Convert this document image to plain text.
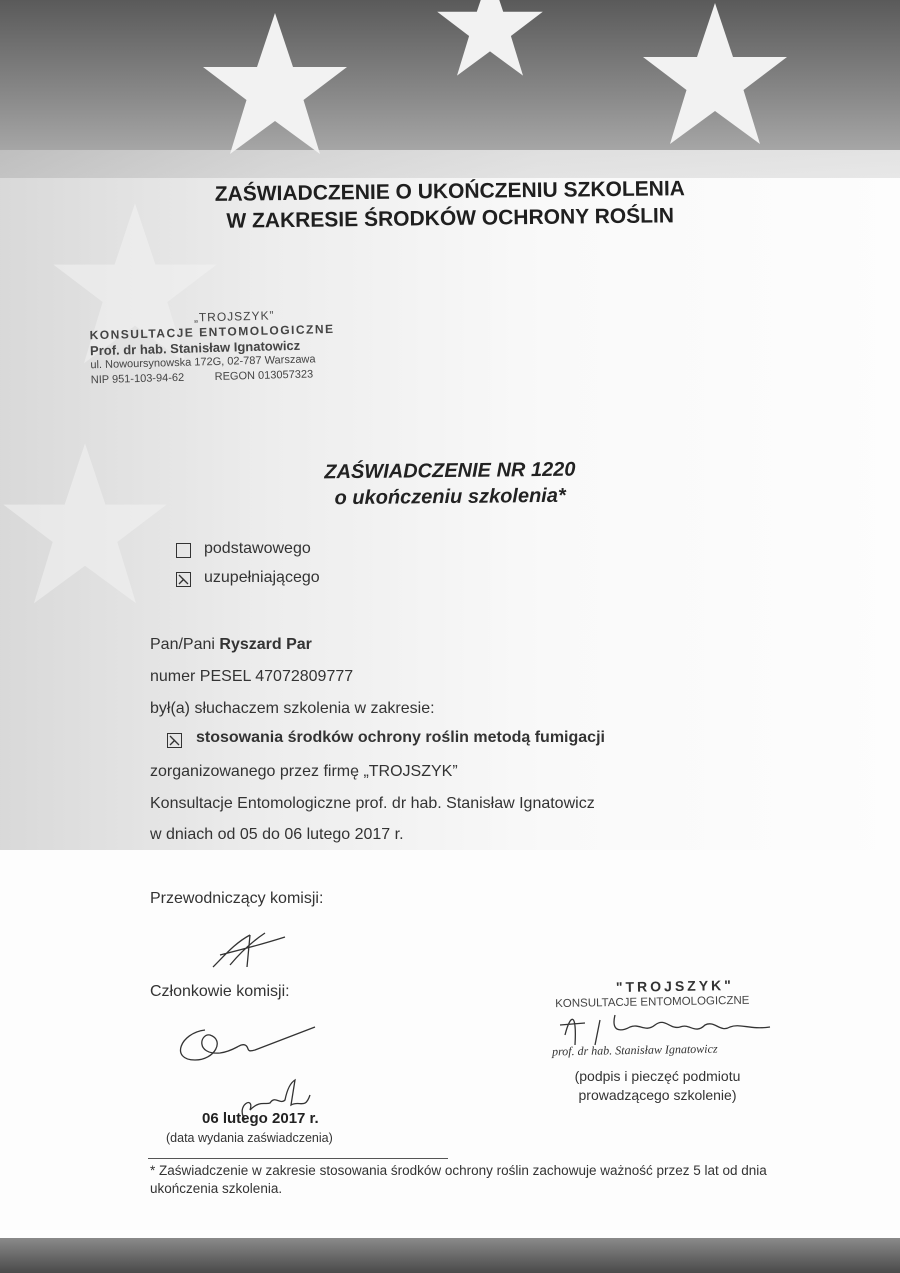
ZAŚWIADCZENIE O UKOŃCZENIU SZKOLENIA
W ZAKRESIE ŚRODKÓW OCHRONY ROŚLIN
„TROJSZYK”
KONSULTACJE ENTOMOLOGICZNE
Prof. dr hab. Stanisław Ignatowicz
ul. Nowoursynowska 172G, 02-787 Warszawa
NIP 951-103-94-62          REGON 013057323
ZAŚWIADCZENIE NR 1220
o ukończeniu szkolenia*
podstawowego
uzupełniającego
Pan/Pani Ryszard Par
numer PESEL 47072809777
był(a) słuchaczem szkolenia w zakresie:
stosowania środków ochrony roślin metodą fumigacji
zorganizowanego przez firmę „TROJSZYK”
Konsultacje Entomologiczne prof. dr hab. Stanisław Ignatowicz
w dniach od 05 do 06 lutego 2017 r.
Przewodniczący komisji:
Członkowie komisji:
06 lutego 2017 r.
(data wydania zaświadczenia)
"TROJSZYK"
KONSULTACJE ENTOMOLOGICZNE
prof. dr hab. Stanisław Ignatowicz
(podpis i pieczęć podmiotu
prowadzącego szkolenie)
* Zaświadczenie w zakresie stosowania środków ochrony roślin zachowuje ważność przez 5 lat od dnia ukończenia szkolenia.
